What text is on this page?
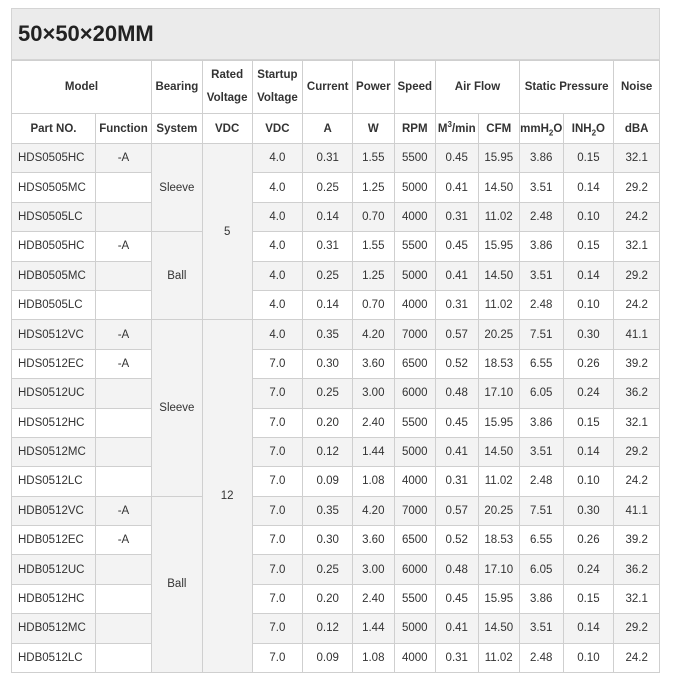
50×50×20MM
Model		Bearing	Rated Voltage	Startup Voltage	Current	Power	Speed	Air Flow		Static Pressure		Noise
Part NO.	Function	System	VDC	VDC	A	W	RPM	$M^3/\min$	CFM	mmH$_2$O	$INH_2O$	dBA
HDS0505HC	-A	Sleeve	5	4.0	0.31	1.55	5500	0.45	15.95	3.86	0.15	32.1
HDS0505MC				4.0	0.25	1.25	5000	0.41	14.50	3.51	0.14	29.2
HDS0505LC				4.0	0.14	0.70	4000	0.31	11.02	2.48	0.10	24.2
HDB0505HC	-A	Ball		4.0	0.31	1.55	5500	0.45	15.95	3.86	0.15	32.1
HDB0505MC				4.0	0.25	1.25	5000	0.41	14.50	3.51	0.14	29.2
HDB0505LC				4.0	0.14	0.70	4000	0.31	11.02	2.48	0.10	24.2
HDS0512VC	-A	Sleeve	12	4.0	0.35	4.20	7000	0.57	20.25	7.51	0.30	41.1
HDS0512EC	-A			7.0	0.30	3.60	6500	0.52	18.53	6.55	0.26	39.2
HDS0512UC				7.0	0.25	3.00	6000	0.48	17.10	6.05	0.24	36.2
HDS0512HC				7.0	0.20	2.40	5500	0.45	15.95	3.86	0.15	32.1
HDS0512MC				7.0	0.12	1.44	5000	0.41	14.50	3.51	0.14	29.2
HDS0512LC				7.0	0.09	1.08	4000	0.31	11.02	2.48	0.10	24.2
HDB0512VC	-A	Ball		7.0	0.35	4.20	7000	0.57	20.25	7.51	0.30	41.1
HDB0512EC	-A			7.0	0.30	3.60	6500	0.52	18.53	6.55	0.26	39.2
HDB0512UC				7.0	0.25	3.00	6000	0.48	17.10	6.05	0.24	36.2
HDB0512HC				7.0	0.20	2.40	5500	0.45	15.95	3.86	0.15	32.1
HDB0512MC				7.0	0.12	1.44	5000	0.41	14.50	3.51	0.14	29.2
HDB0512LC				7.0	0.09	1.08	4000	0.31	11.02	2.48	0.10	24.2
